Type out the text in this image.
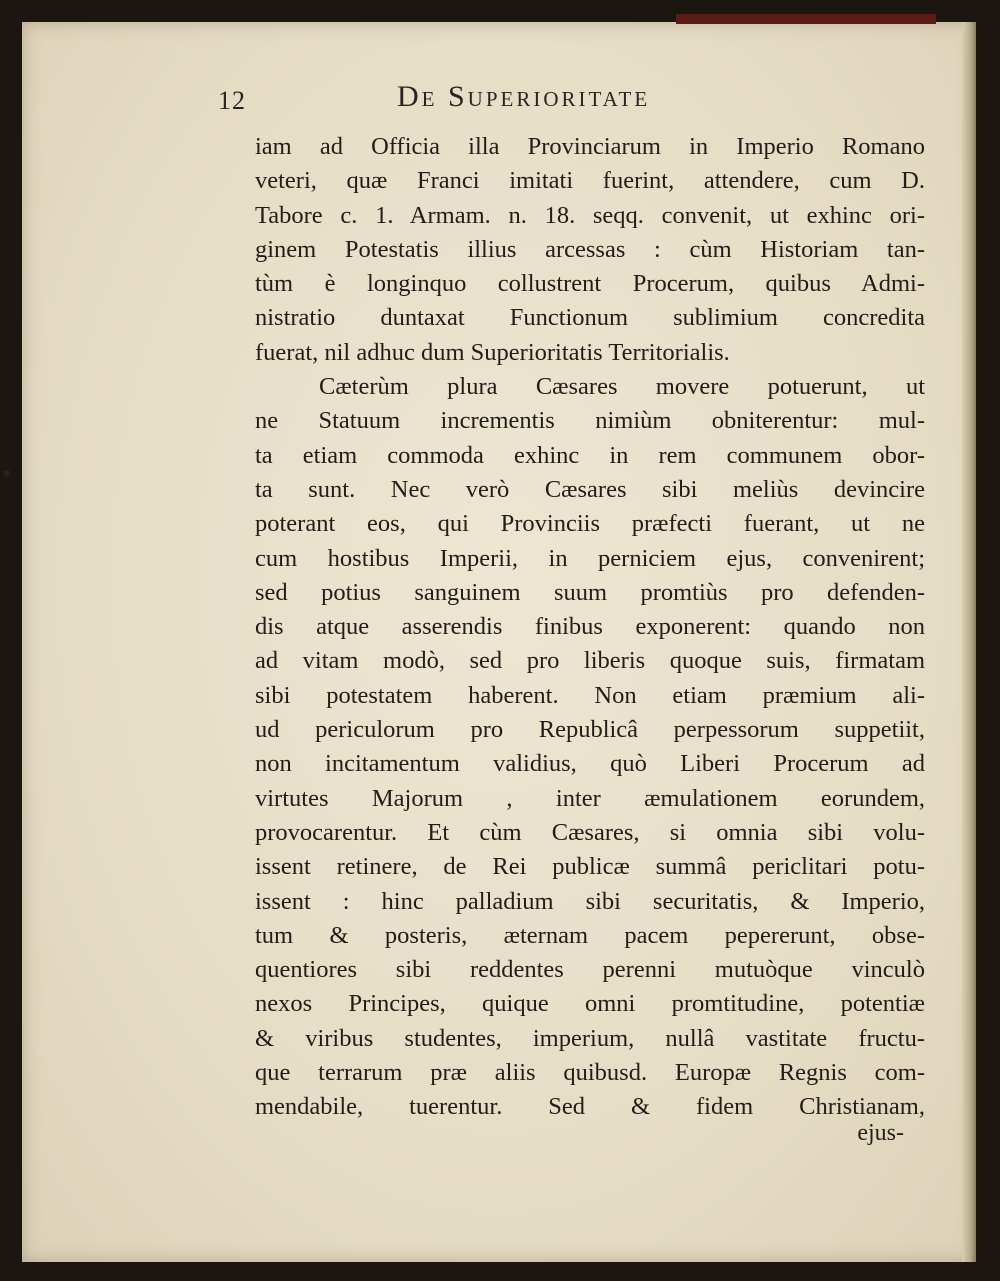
12	De Superioritate
iam ad Officia illa Provinciarum in Imperio Romano
veteri, quæ Franci imitati fuerint, attendere, cum D.
Tabore c. 1. Armam. n. 18. seqq. convenit, ut exhinc ori-
ginem Potestatis illius arcessas : cùm Historiam tan-
tùm è longinquo collustrent Procerum, quibus Admi-
nistratio duntaxat Functionum sublimium concredita
fuerat, nil adhuc dum Superioritatis Territorialis.
Cæterùm plura Cæsares movere potuerunt, ut
ne Statuum incrementis nimiùm obniterentur: mul-
ta etiam commoda exhinc in rem communem obor-
ta sunt. Nec verò Cæsares sibi meliùs devincire
poterant eos, qui Provinciis præfecti fuerant, ut ne
cum hostibus Imperii, in perniciem ejus, convenirent;
sed potius sanguinem suum promtiùs pro defenden-
dis atque asserendis finibus exponerent: quando non
ad vitam modò, sed pro liberis quoque suis, firmatam
sibi potestatem haberent. Non etiam præmium ali-
ud periculorum pro Republicâ perpessorum suppetiit,
non incitamentum validius, quò Liberi Procerum ad
virtutes Majorum , inter æmulationem eorundem,
provocarentur. Et cùm Cæsares, si omnia sibi volu-
issent retinere, de Rei publicæ summâ periclitari potu-
issent : hinc palladium sibi securitatis, & Imperio,
tum & posteris, æternam pacem pepererunt, obse-
quentiores sibi reddentes perenni mutuòque vinculò
nexos Principes, quique omni promtitudine, potentiæ
& viribus studentes, imperium, nullâ vastitate fructu-
que terrarum præ aliis quibusd. Europæ Regnis com-
mendabile, tuerentur. Sed & fidem Christianam,
ejus-
